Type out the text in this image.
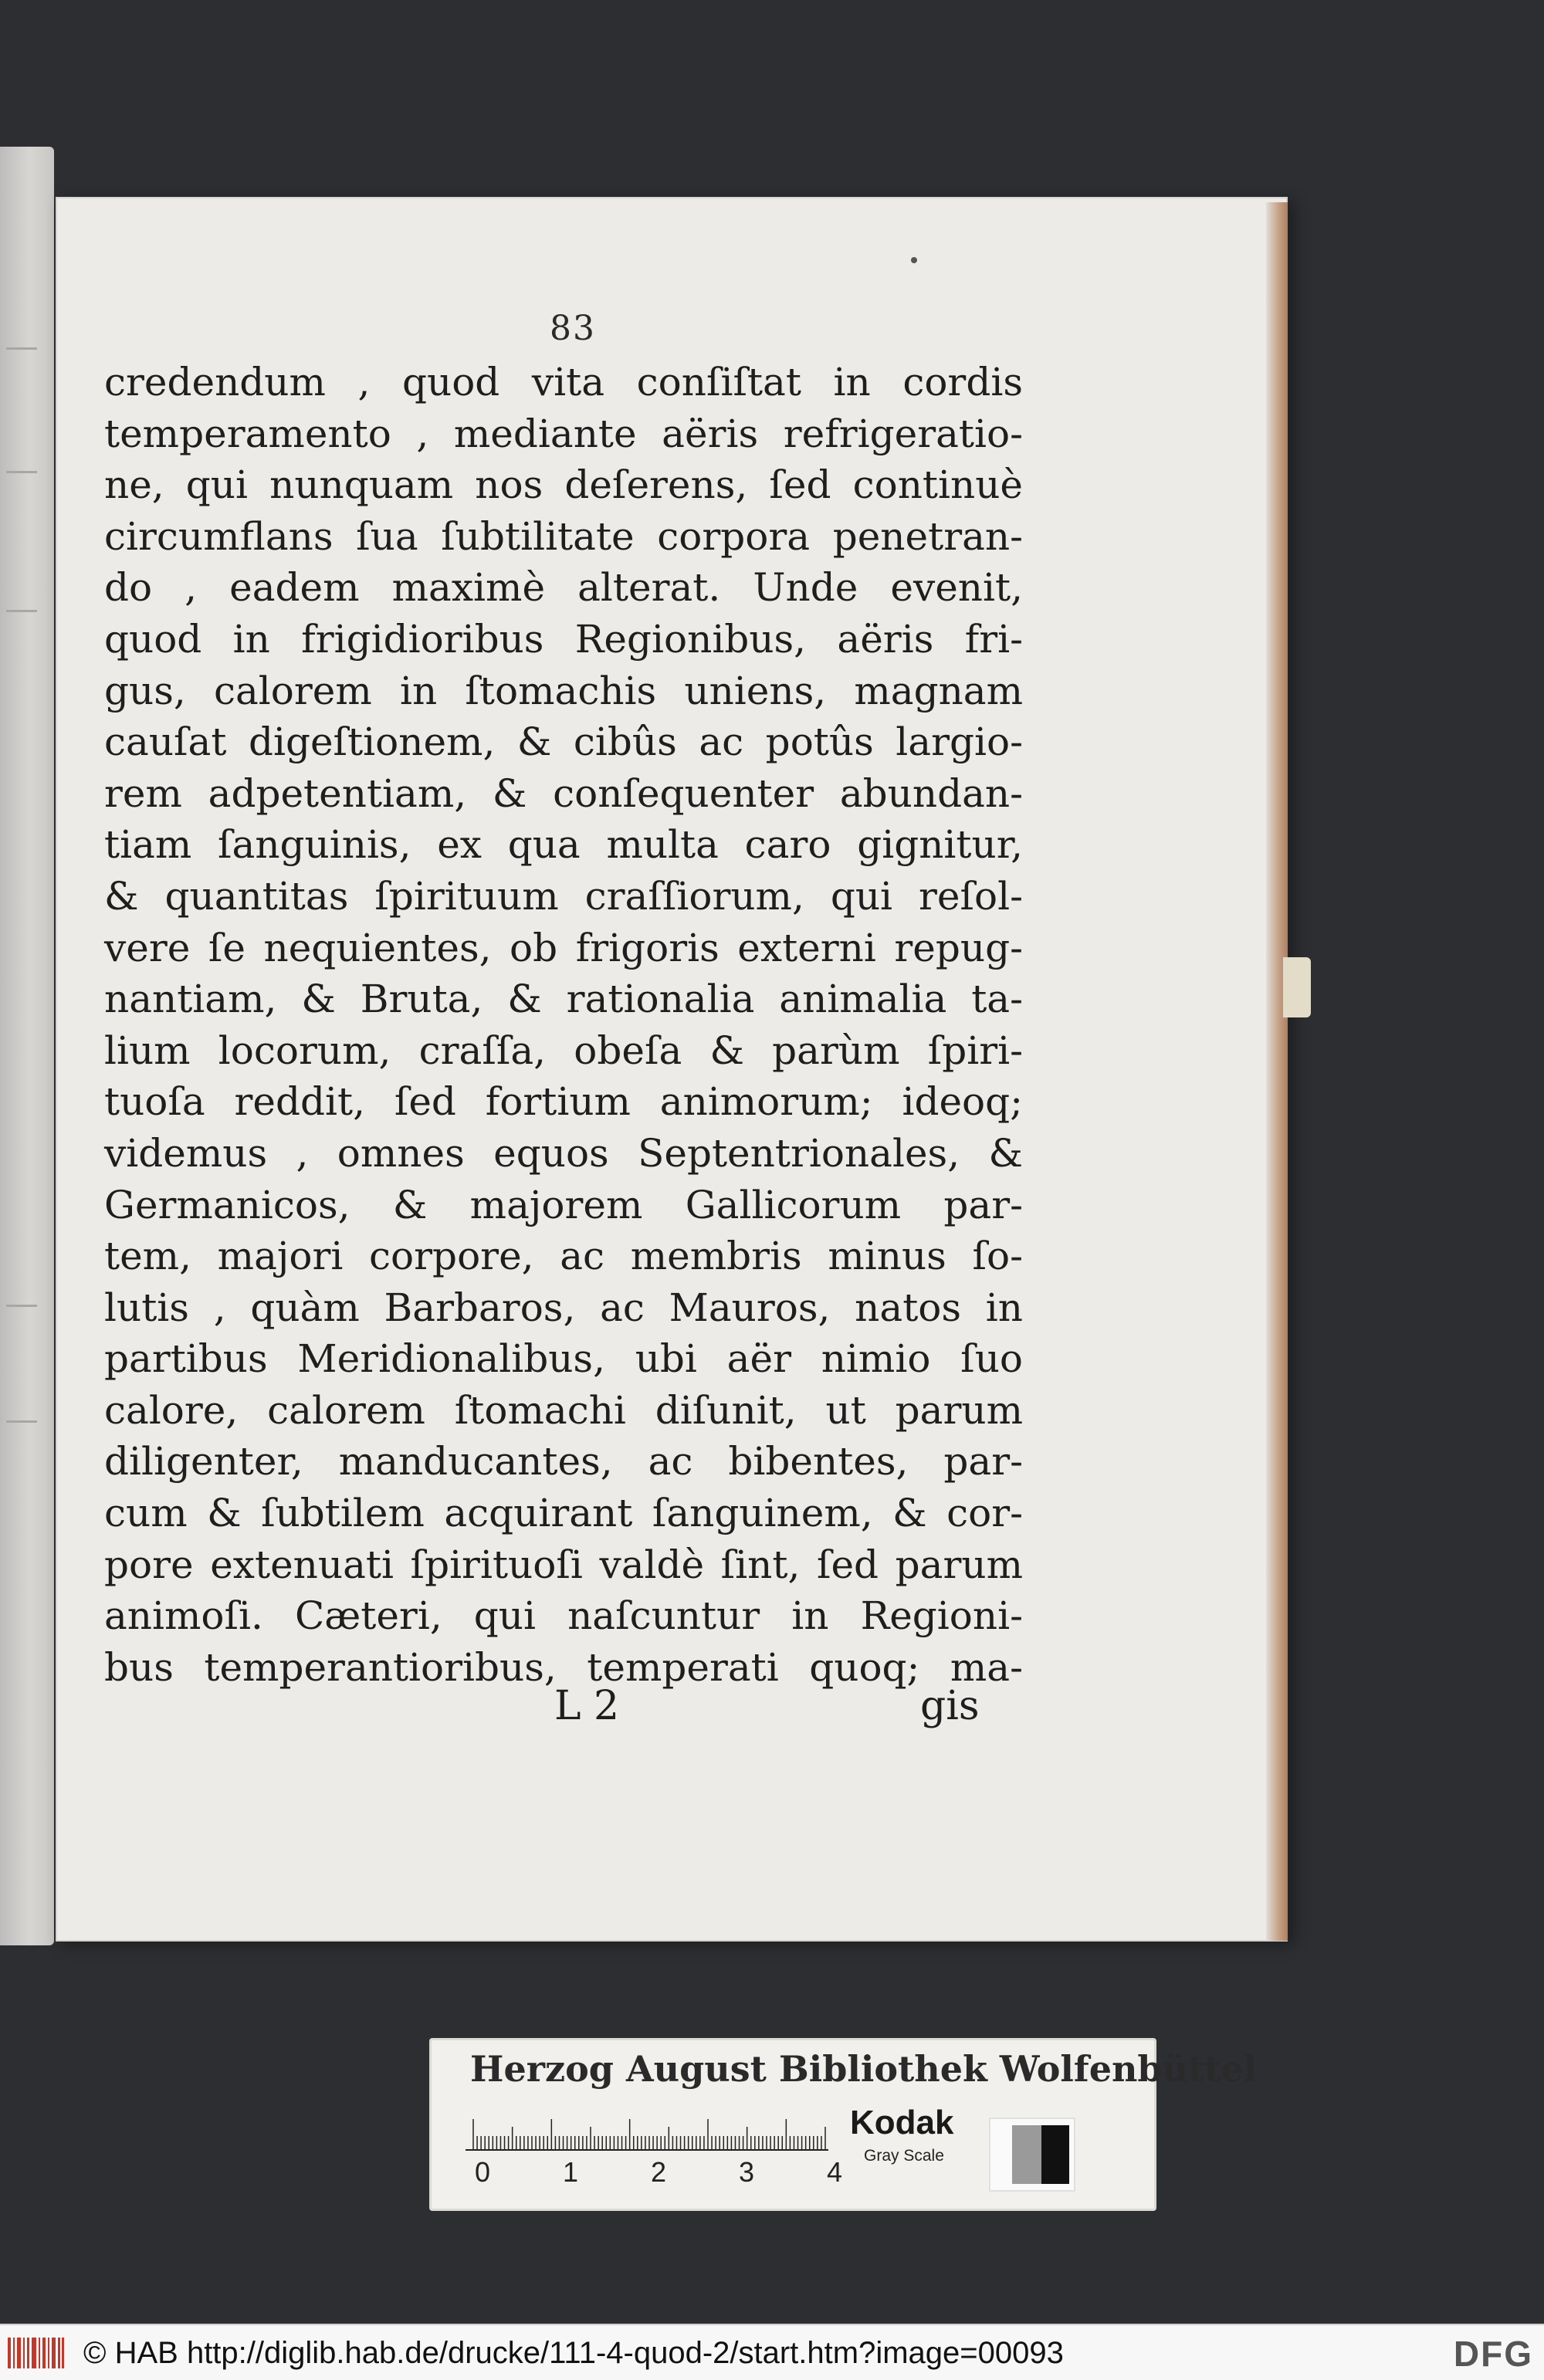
83
credendum , quod vita conſiſtat in cordis
temperamento , mediante aëris refrigeratio-
ne, qui nunquam nos deſerens, ſed continuè
circumflans ſua ſubtilitate corpora penetran-
do , eadem maximè alterat. Unde evenit,
quod in frigidioribus Regionibus, aëris fri-
gus, calorem in ſtomachis uniens, magnam
cauſat digeſtionem, & cibûs ac potûs largio-
rem adpetentiam, & conſequenter abundan-
tiam ſanguinis, ex qua multa caro gignitur,
& quantitas ſpirituum craſſiorum, qui reſol-
vere ſe nequientes, ob frigoris externi repug-
nantiam, & Bruta, & rationalia animalia ta-
lium locorum, craſſa, obeſa & parùm ſpiri-
tuoſa reddit, ſed fortium animorum; ideoq;
videmus , omnes equos Septentrionales, &
Germanicos, & majorem Gallicorum par-
tem, majori corpore, ac membris minus ſo-
lutis , quàm Barbaros, ac Mauros, natos in
partibus Meridionalibus, ubi aër nimio ſuo
calore, calorem ſtomachi diſunit, ut parum
diligenter, manducantes, ac bibentes, par-
cum & ſubtilem acquirant ſanguinem, & cor-
pore extenuati ſpirituoſi valdè ſint, ſed parum
animoſi. Cæteri, qui naſcuntur in Regioni-
bus temperantioribus, temperati quoq; ma-
L 2	gis
Herzog August Bibliothek Wolfenbüttel
0	1	2	3	4
Kodak
Gray Scale
© HAB http://diglib.hab.de/drucke/111-4-quod-2/start.htm?image=00093	DFG
